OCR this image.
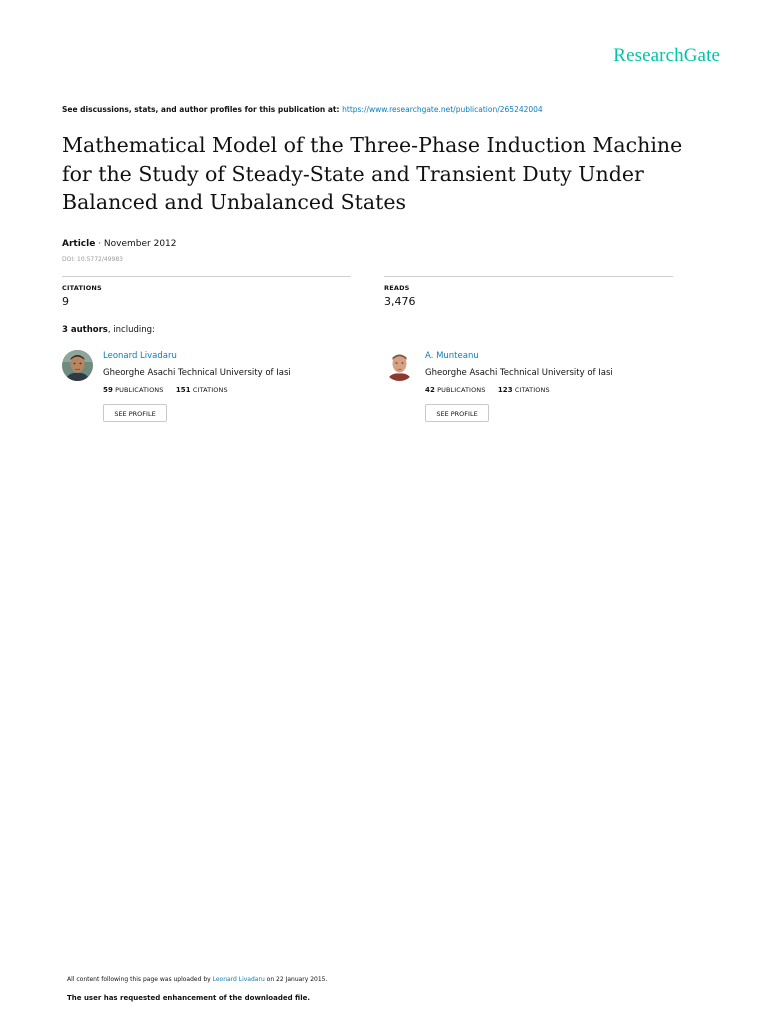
ResearchGate
See discussions, stats, and author profiles for this publication at: https://www.researchgate.net/publication/265242004
Mathematical Model of the Three-Phase Induction Machine
for the Study of Steady-State and Transient Duty Under
Balanced and Unbalanced States
Article · November 2012
DOI: 10.5772/49983
CITATIONS
9
READS
3,476
3 authors, including:
Leonard Livadaru
Gheorghe Asachi Technical University of Iasi
59 PUBLICATIONS 151 CITATIONS
SEE PROFILE
A. Munteanu
Gheorghe Asachi Technical University of Iasi
42 PUBLICATIONS 123 CITATIONS
SEE PROFILE
All content following this page was uploaded by Leonard Livadaru on 22 January 2015.
The user has requested enhancement of the downloaded file.
